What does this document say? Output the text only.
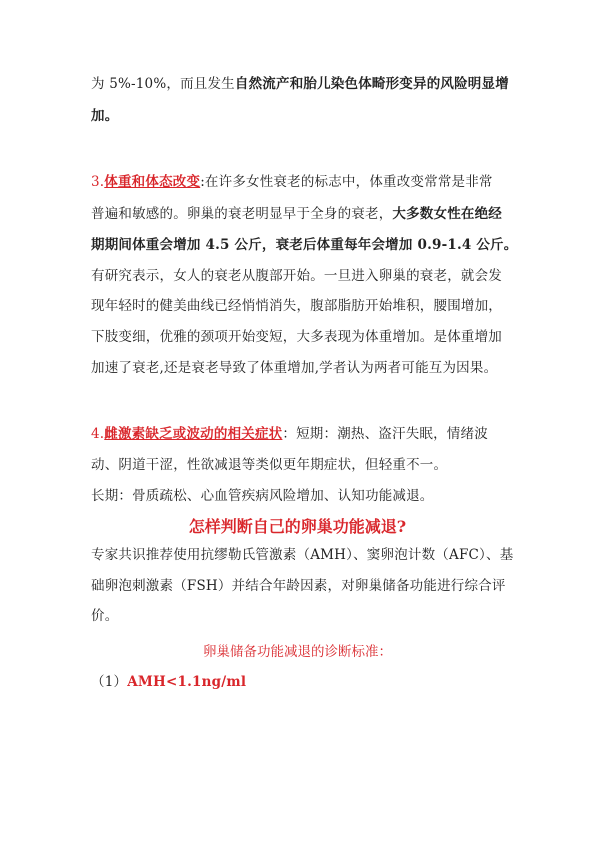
为 5%-10%，而且发生自然流产和胎儿染色体畸形变异的风险明显增
加。
3.体重和体态改变:在许多女性衰老的标志中，体重改变常常是非常
普遍和敏感的。卵巢的衰老明显早于全身的衰老，大多数女性在绝经
期期间体重会增加 4.5 公斤，衰老后体重每年会增加 0.9-1.4 公斤。
有研究表示，女人的衰老从腹部开始。一旦进入卵巢的衰老，就会发
现年轻时的健美曲线已经悄悄消失，腹部脂肪开始堆积，腰围增加，
下肢变细，优雅的颈项开始变短，大多表现为体重增加。是体重增加
加速了衰老,还是衰老导致了体重增加,学者认为两者可能互为因果。
4.雌激素缺乏或波动的相关症状：短期：潮热、盗汗失眠，情绪波
动、阴道干涩，性欲减退等类似更年期症状，但轻重不一。
长期：骨质疏松、心血管疾病风险增加、认知功能减退。
怎样判断自己的卵巢功能减退?
专家共识推荐使用抗缪勒氏管激素（AMH）、窦卵泡计数（AFC）、基
础卵泡刺激素（FSH）并结合年龄因素，对卵巢储备功能进行综合评
价。
卵巢储备功能减退的诊断标准：
（1）AMH<1.1ng/ml
